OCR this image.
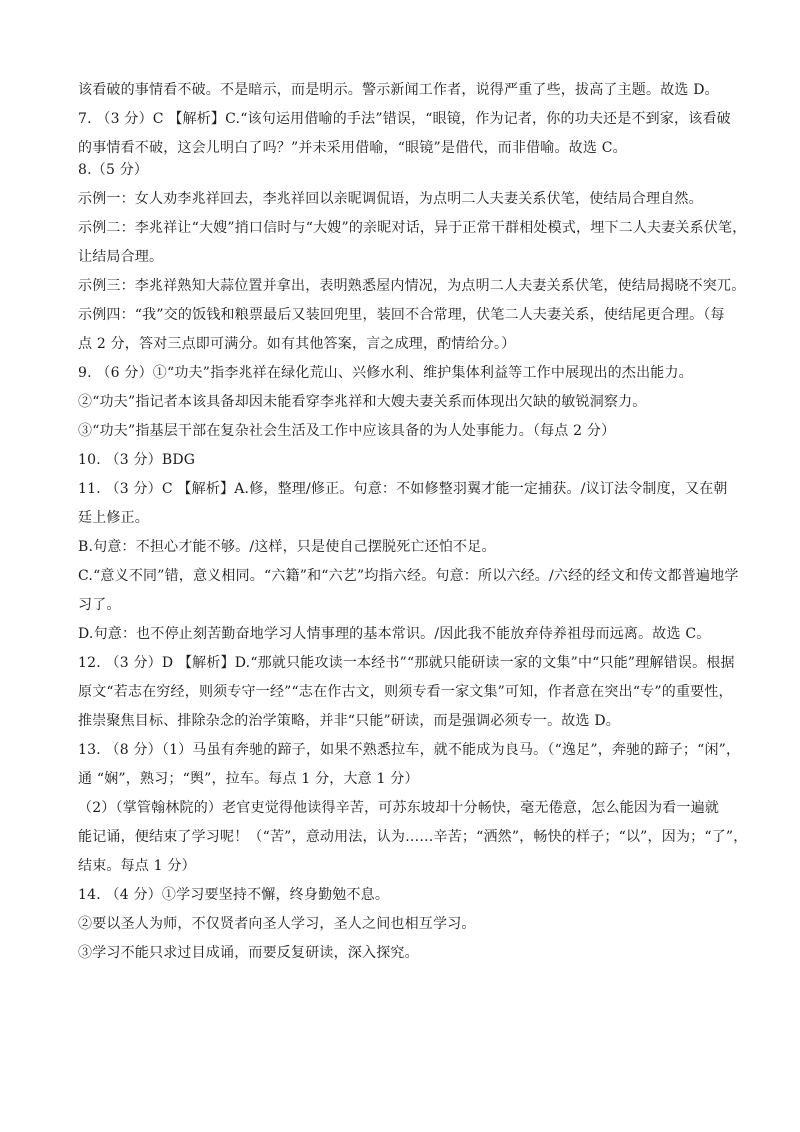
该看破的事情看不破。不是暗示，而是明示。警示新闻工作者，说得严重了些，拔高了主题。故选 D。
7. （3 分）C 【解析】C.“该句运用借喻的手法”错误，“眼镜，作为记者，你的功夫还是不到家，该看破
的事情看不破，这会儿明白了吗？”并未采用借喻，“眼镜”是借代，而非借喻。故选 C。
8.（5 分）
示例一：女人劝李兆祥回去，李兆祥回以亲昵调侃语，为点明二人夫妻关系伏笔，使结局合理自然。
示例二：李兆祥让“大嫂”捎口信时与“大嫂”的亲昵对话，异于正常干群相处模式，埋下二人夫妻关系伏笔，
让结局合理。
示例三：李兆祥熟知大蒜位置并拿出，表明熟悉屋内情况，为点明二人夫妻关系伏笔，使结局揭晓不突兀。
示例四：“我”交的饭钱和粮票最后又装回兜里，装回不合常理，伏笔二人夫妻关系，使结尾更合理。（每
点 2 分，答对三点即可满分。如有其他答案，言之成理，酌情给分。）
9. （6 分）①“功夫”指李兆祥在绿化荒山、兴修水利、维护集体利益等工作中展现出的杰出能力。
②“功夫”指记者本该具备却因未能看穿李兆祥和大嫂夫妻关系而体现出欠缺的敏锐洞察力。
③“功夫”指基层干部在复杂社会生活及工作中应该具备的为人处事能力。（每点 2 分）
10. （3 分）BDG
11. （3 分）C 【解析】A.修，整理/修正。句意：不如修整羽翼才能一定捕获。/议订法令制度，又在朝
廷上修正。
B.句意：不担心才能不够。/这样，只是使自己摆脱死亡还怕不足。
C.“意义不同”错，意义相同。“六籍”和“六艺”均指六经。句意：所以六经。/六经的经文和传文都普遍地学
习了。
D.句意：也不停止刻苦勤奋地学习人情事理的基本常识。/因此我不能放弃侍养祖母而远离。故选 C。
12. （3 分）D 【解析】D.“那就只能攻读一本经书”“那就只能研读一家的文集”中“只能”理解错误。根据
原文“若志在穷经，则须专守一经”“志在作古文，则须专看一家文集”可知，作者意在突出“专”的重要性，
推崇聚焦目标、排除杂念的治学策略，并非“只能”研读，而是强调必须专一。故选 D。
13. （8 分）（1）马虽有奔驰的蹄子，如果不熟悉拉车，就不能成为良马。（“逸足”，奔驰的蹄子；“闲”，
通 “娴”，熟习；“舆”，拉车。每点 1 分，大意 1 分）
（2）（掌管翰林院的）老官吏觉得他读得辛苦，可苏东坡却十分畅快，毫无倦意，怎么能因为看一遍就
能记诵，便结束了学习呢！（“苦”，意动用法，认为……辛苦；“洒然”，畅快的样子；“以”，因为；“了”，
结束。每点 1 分）
14. （4 分）①学习要坚持不懈，终身勤勉不息。
②要以圣人为师，不仅贤者向圣人学习，圣人之间也相互学习。
③学习不能只求过目成诵，而要反复研读，深入探究。
